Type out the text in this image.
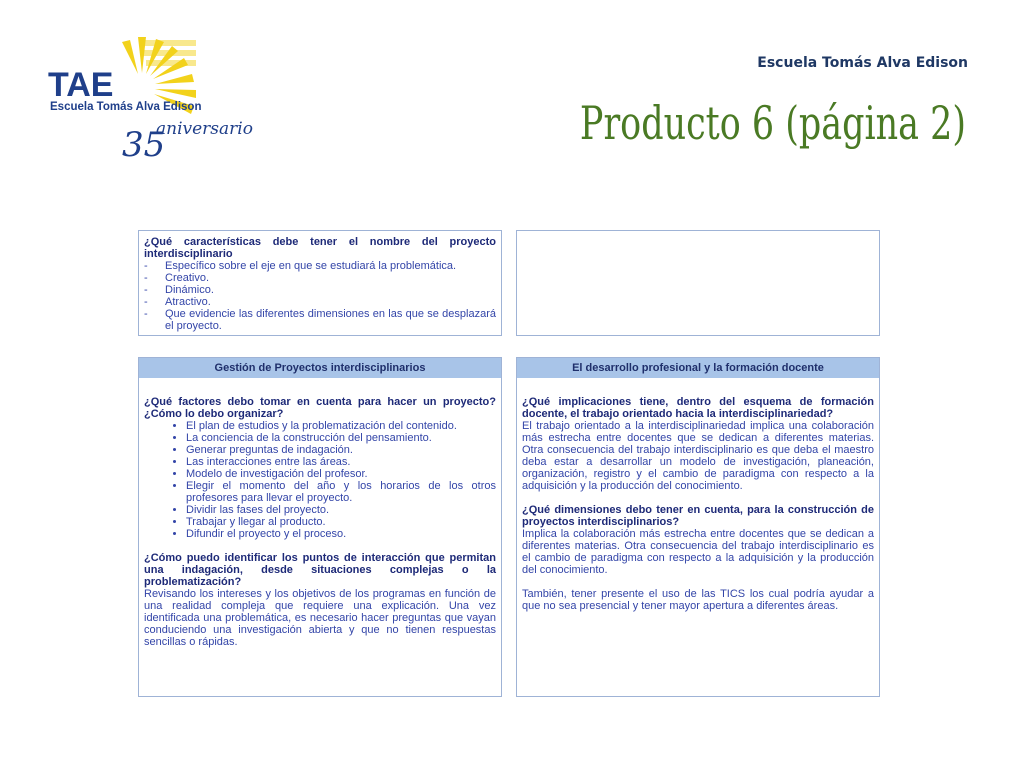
TAE
Escuela Tomás Alva Edison
35
aniversario
Escuela Tomás Alva Edison
Producto 6 (página 2)
¿Qué características debe tener el nombre del proyecto interdisciplinario
- Específico sobre el eje en que se estudiará la problemática.
- Creativo.
- Dinámico.
- Atractivo.
- Que evidencie las diferentes dimensiones en las que se desplazará el proyecto.
Gestión de Proyectos interdisciplinarios
¿Qué factores debo tomar en cuenta para hacer un proyecto? ¿Cómo lo debo organizar?
• El plan de estudios y la problematización del contenido.
• La conciencia de la construcción del pensamiento.
• Generar preguntas de indagación.
• Las interacciones entre las áreas.
• Modelo de investigación del profesor.
• Elegir el momento del año y los horarios de los otros profesores para llevar el proyecto.
• Dividir las fases del proyecto.
• Trabajar y llegar al producto.
• Difundir el proyecto y el proceso.
¿Cómo puedo identificar los puntos de interacción que permitan una indagación, desde situaciones complejas o la problematización?
Revisando los intereses y los objetivos de los programas en función de una realidad compleja que requiere una explicación. Una vez identificada una problemática, es necesario hacer preguntas que vayan conduciendo una investigación abierta y que no tienen respuestas sencillas o rápidas.
El desarrollo profesional y la formación docente
¿Qué implicaciones tiene, dentro del esquema de formación docente, el trabajo orientado hacia la interdisciplinariedad?
El trabajo orientado a la interdisciplinariedad implica una colaboración más estrecha entre docentes que se dedican a diferentes materias. Otra consecuencia del trabajo interdisciplinario es que deba el maestro deba estar a desarrollar un modelo de investigación, planeación, organización, registro y el cambio de paradigma con respecto a la adquisición y la producción del conocimiento.
¿Qué dimensiones debo tener en cuenta, para la construcción de proyectos interdisciplinarios?
Implica la colaboración más estrecha entre docentes que se dedican a diferentes materias. Otra consecuencia del trabajo interdisciplinario es el cambio de paradigma con respecto a la adquisición y la producción del conocimiento.
También, tener presente el uso de las TICS los cual podría ayudar a que no sea presencial y tener mayor apertura a diferentes áreas.
